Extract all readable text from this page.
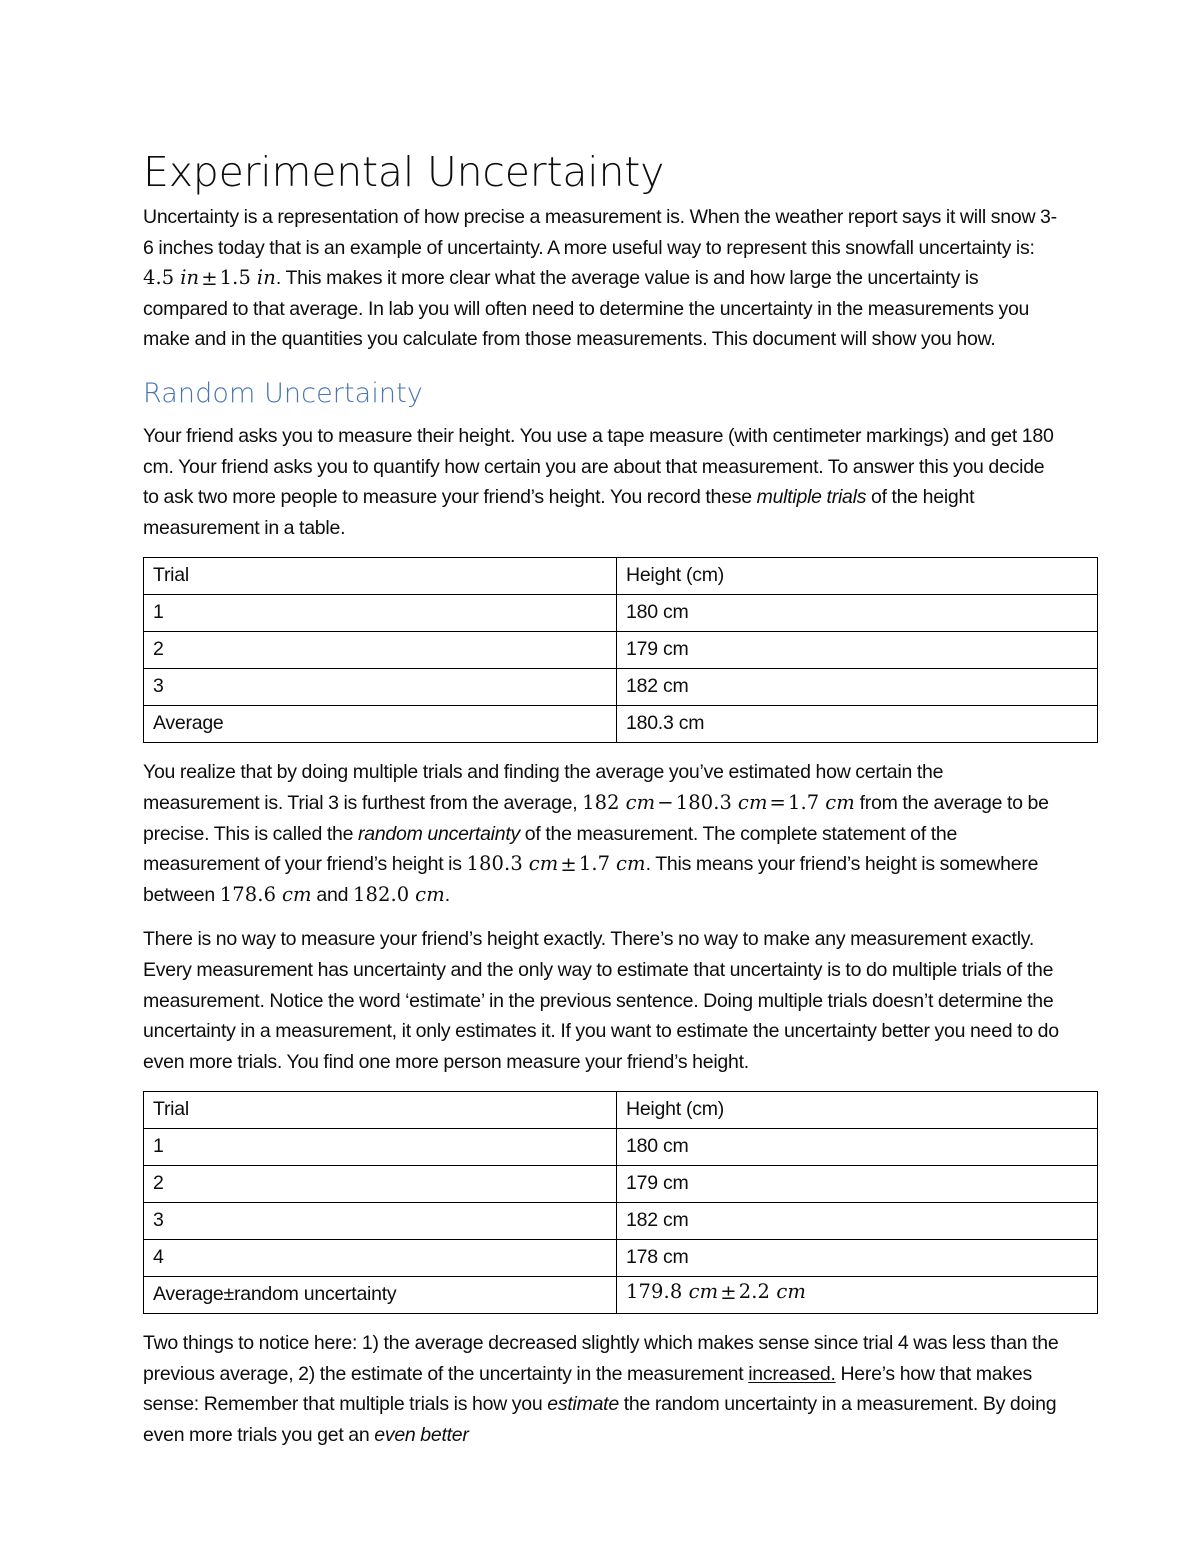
Experimental Uncertainty

Uncertainty is a representation of how precise a measurement is. When the weather report says it will snow 3-6 inches today that is an example of uncertainty. A more useful way to represent this snowfall uncertainty is: 4.5 in ± 1.5 in. This makes it more clear what the average value is and how large the uncertainty is compared to that average. In lab you will often need to determine the uncertainty in the measurements you make and in the quantities you calculate from those measurements. This document will show you how.

Random Uncertainty

Your friend asks you to measure their height. You use a tape measure (with centimeter markings) and get 180 cm. Your friend asks you to quantify how certain you are about that measurement. To answer this you decide to ask two more people to measure your friend’s height. You record these multiple trials of the height measurement in a table.

Trial	Height (cm)
1	180 cm
2	179 cm
3	182 cm
Average	180.3 cm

You realize that by doing multiple trials and finding the average you’ve estimated how certain the measurement is. Trial 3 is furthest from the average, 182 cm − 180.3 cm = 1.7 cm from the average to be precise. This is called the random uncertainty of the measurement. The complete statement of the measurement of your friend’s height is 180.3 cm ± 1.7 cm. This means your friend’s height is somewhere between 178.6 cm and 182.0 cm.

There is no way to measure your friend’s height exactly. There’s no way to make any measurement exactly. Every measurement has uncertainty and the only way to estimate that uncertainty is to do multiple trials of the measurement. Notice the word ‘estimate’ in the previous sentence. Doing multiple trials doesn’t determine the uncertainty in a measurement, it only estimates it. If you want to estimate the uncertainty better you need to do even more trials. You find one more person measure your friend’s height.

Trial	Height (cm)
1	180 cm
2	179 cm
3	182 cm
4	178 cm
Average±random uncertainty	179.8 cm ± 2.2 cm

Two things to notice here: 1) the average decreased slightly which makes sense since trial 4 was less than the previous average, 2) the estimate of the uncertainty in the measurement increased. Here’s how that makes sense: Remember that multiple trials is how you estimate the random uncertainty in a measurement. By doing even more trials you get an even better
